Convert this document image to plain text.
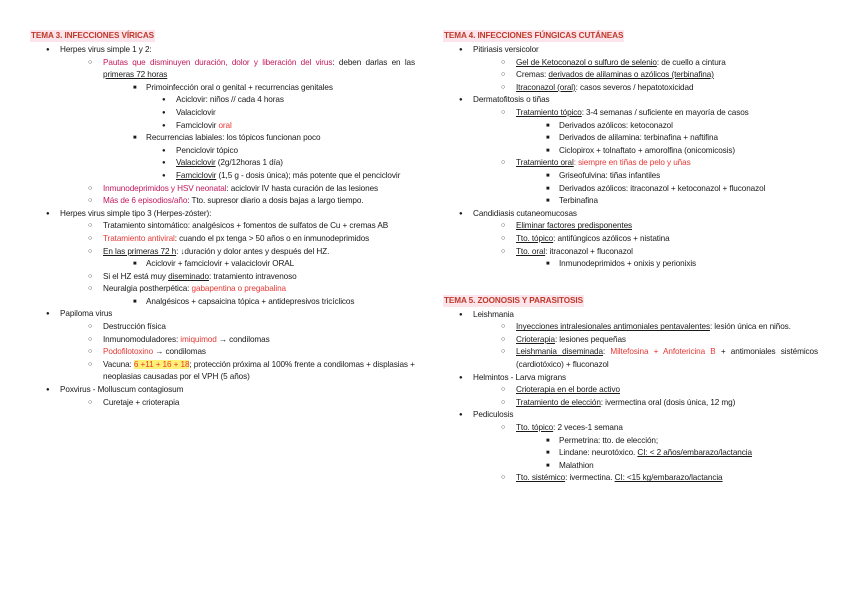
TEMA 3. INFECCIONES VÍRICAS
● Herpes virus simple 1 y 2:
○ Pautas que disminuyen duración, dolor y liberación del virus: deben darlas en las primeras 72 horas
■ Primoinfección oral o genital + recurrencias genitales
● Aciclovir: niños // cada 4 horas
● Valaciclovir
● Famciclovir oral
■ Recurrencias labiales: los tópicos funcionan poco
● Penciclovir tópico
● Valaciclovir (2g/12horas 1 día)
● Famciclovir (1,5 g - dosis única); más potente que el penciclovir
○ Inmunodeprimidos y HSV neonatal: aciclovir IV hasta curación de las lesiones
○ Más de 6 episodios/año: Tto. supresor diario a dosis bajas a largo tiempo.
● Herpes virus simple tipo 3 (Herpes-zóster):
○ Tratamiento sintomático: analgésicos + fomentos de sulfatos de Cu + cremas AB
○ Tratamiento antiviral: cuando el px tenga > 50 años o en inmunodeprimidos
○ En las primeras 72 h: ↓duración y dolor antes y después del HZ.
■ Aciclovir + famciclovir + valaciclovir ORAL
○ Si el HZ está muy diseminado: tratamiento intravenoso
○ Neuralgia postherpética: gabapentina o pregabalina
■ Analgésicos + capsaicina tópica + antidepresivos tricíclicos
● Papiloma virus
○ Destrucción física
○ Inmunomoduladores: imiquimod → condilomas
○ Podofilotoxino → condilomas
○ Vacuna: 6 +11 + 16 + 18; protección próxima al 100% frente a condilomas + displasias + neoplasias causadas por el VPH (5 años)
● Poxvirus - Molluscum contagiosum
○ Curetaje + crioterapia
TEMA 4. INFECCIONES FÚNGICAS CUTÁNEAS
● Pitiriasis versicolor
○ Gel de Ketoconazol o sulfuro de selenio: de cuello a cintura
○ Cremas: derivados de alilaminas o azólicos (terbinafina)
○ Itraconazol (oral): casos severos / hepatotoxicidad
● Dermatofitosis o tiñas
○ Tratamiento tópico: 3-4 semanas / suficiente en mayoría de casos
■ Derivados azólicos: ketoconazol
■ Derivados de alilamina: terbinafina + naftifina
■ Ciclopirox + tolnaftato + amorolfina (onicomicosis)
○ Tratamiento oral: siempre en tiñas de pelo y uñas
■ Griseofulvina: tiñas infantiles
■ Derivados azólicos: itraconazol + ketoconazol + fluconazol
■ Terbinafina
● Candidiasis cutaneomucosas
○ Eliminar factores predisponentes
○ Tto. tópico: antifúngicos azólicos + nistatina
○ Tto. oral: itraconazol + fluconazol
■ Inmunodeprimidos + onixis y perionixis
TEMA 5. ZOONOSIS Y PARASITOSIS
● Leishmania
○ Inyecciones intralesionales antimoniales pentavalentes: lesión única en niños.
○ Crioterapia: lesiones pequeñas
○ Leishmania diseminada: Miltefosina + Anfotericina B + antimoniales sistémicos (cardiotóxico) + fluconazol
● Helmintos - Larva migrans
○ Crioterapia en el borde activo
○ Tratamiento de elección: ivermectina oral (dosis única, 12 mg)
● Pediculosis
○ Tto. tópico: 2 veces-1 semana
■ Permetrina: tto. de elección;
■ Lindane: neurotóxico. CI: < 2 años/embarazo/lactancia
■ Malathion
○ Tto. sistémico: ivermectina. CI: <15 kg/embarazo/lactancia
